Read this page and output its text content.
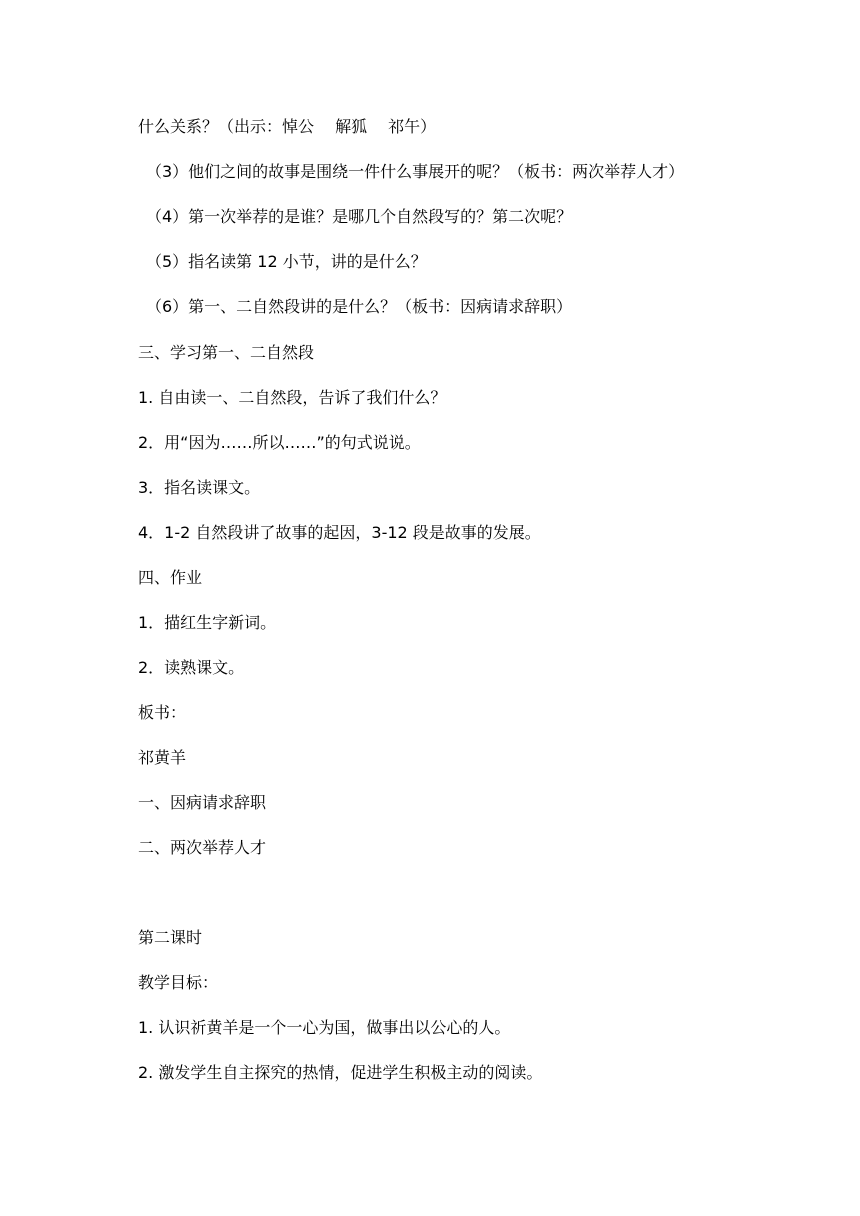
什么关系？（出示：悼公　 解狐　 祁午）
（3）他们之间的故事是围绕一件什么事展开的呢？（板书：两次举荐人才）
（4）第一次举荐的是谁？是哪几个自然段写的？第二次呢？
（5）指名读第 12 小节，讲的是什么？
（6）第一、二自然段讲的是什么？（板书：因病请求辞职）
三、学习第一、二自然段
1. 自由读一、二自然段，告诉了我们什么？
2．用“因为……所以……”的句式说说。
3．指名读课文。
4．1-2 自然段讲了故事的起因，3-12 段是故事的发展。
四、作业
1．描红生字新词。
2．读熟课文。
板书：
祁黄羊
一、因病请求辞职
二、两次举荐人才
第二课时
教学目标：
1. 认识祈黄羊是一个一心为国，做事出以公心的人。
2. 激发学生自主探究的热情，促进学生积极主动的阅读。
